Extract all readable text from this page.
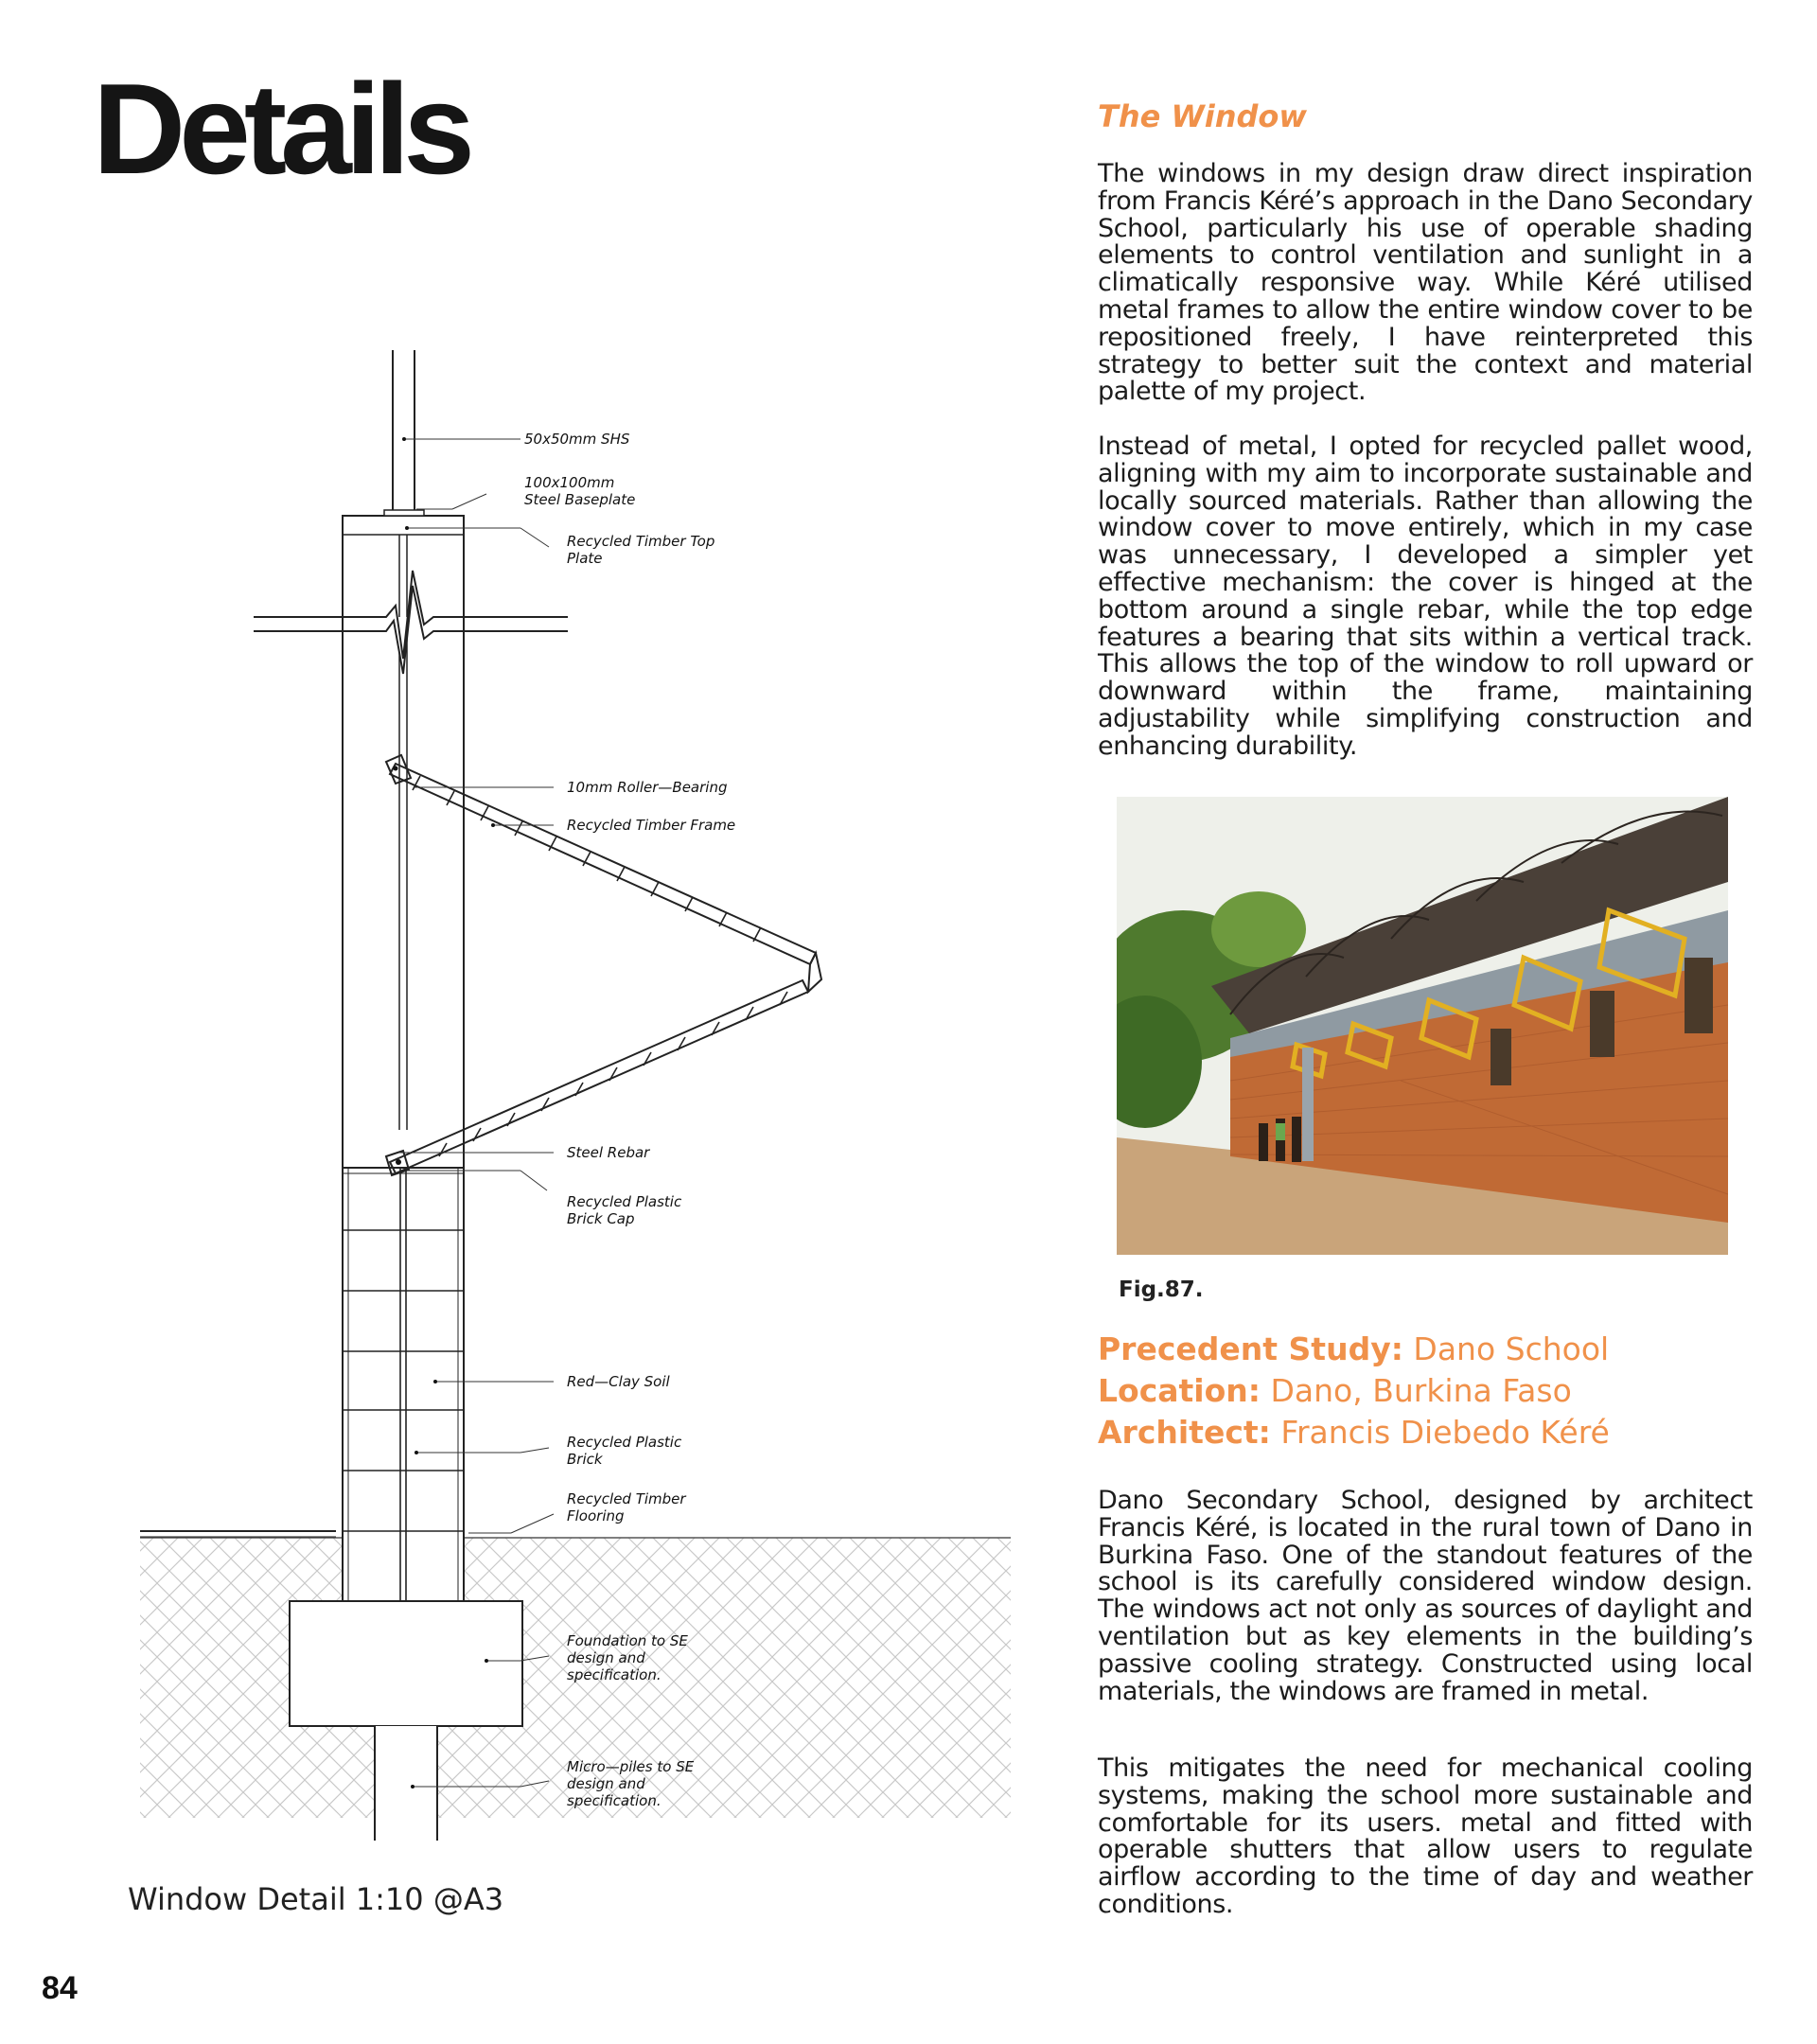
Details
50x50mm SHS
100x100mm
Steel Baseplate
Recycled Timber Top
Plate
10mm Roller—Bearing
Recycled Timber Frame
Steel Rebar
Recycled Plastic
Brick Cap
Red—Clay Soil
Recycled Plastic
Brick
Recycled Timber
Flooring
Foundation to SE
design and
specification.
Micro—piles to SE
design and
specification.
Window Detail 1:10 @A3
84
The Window

The windows in my design draw direct inspiration from Francis Kéré’s approach in the Dano Secondary School, particularly his use of operable shading elements to control ventilation and sunlight in a climatically responsive way. While Kéré utilised metal frames to allow the entire window cover to be repositioned freely, I have reinterpreted this strategy to better suit the context and material palette of my project.

Instead of metal, I opted for recycled pallet wood, aligning with my aim to incorporate sustainable and locally sourced materials. Rather than allowing the window cover to move entirely, which in my case was unnecessary, I developed a simpler yet effective mechanism: the cover is hinged at the bottom around a single rebar, while the top edge features a bearing that sits within a vertical track. This allows the top of the window to roll upward or downward within the frame, maintaining adjustability while simplifying construction and enhancing durability.

Fig.87.
Precedent Study: Dano School
Location: Dano, Burkina Faso
Architect: Francis Diebedo Kéré

Dano Secondary School, designed by architect Francis Kéré, is located in the rural town of Dano in Burkina Faso. One of the standout features of the school is its carefully considered window design. The windows act not only as sources of daylight and ventilation but as key elements in the building’s passive cooling strategy. Constructed using local materials, the windows are framed in metal.

This mitigates the need for mechanical cooling systems, making the school more sustainable and comfortable for its users. metal and fitted with operable shutters that allow users to regulate airflow according to the time of day and weather conditions.
